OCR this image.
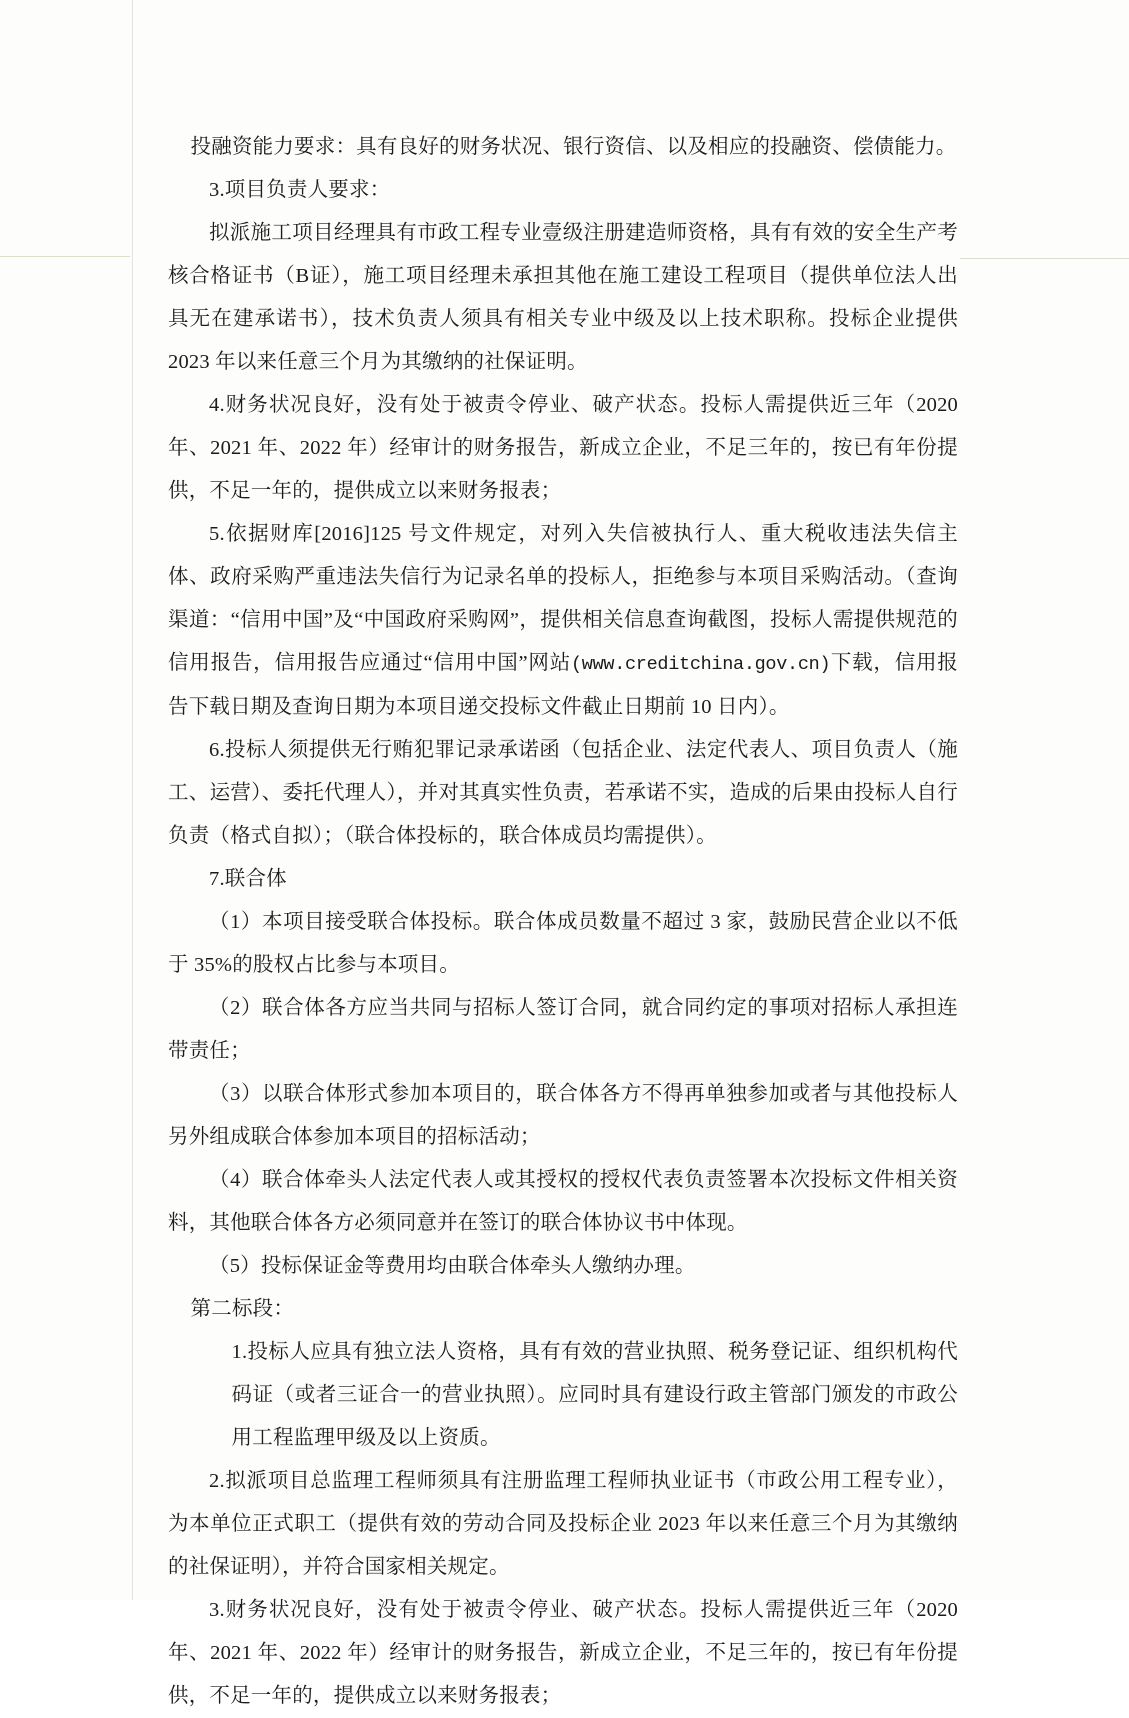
投融资能力要求：具有良好的财务状况、银行资信、以及相应的投融资、偿债能力。

3.项目负责人要求：

拟派施工项目经理具有市政工程专业壹级注册建造师资格，具有有效的安全生产考核合格证书（B证），施工项目经理未承担其他在施工建设工程项目（提供单位法人出具无在建承诺书），技术负责人须具有相关专业中级及以上技术职称。投标企业提供 2023 年以来任意三个月为其缴纳的社保证明。

4.财务状况良好，没有处于被责令停业、破产状态。投标人需提供近三年（2020 年、2021 年、2022 年）经审计的财务报告，新成立企业，不足三年的，按已有年份提供，不足一年的，提供成立以来财务报表；

5.依据财库[2016]125 号文件规定，对列入失信被执行人、重大税收违法失信主体、政府采购严重违法失信行为记录名单的投标人，拒绝参与本项目采购活动。（查询渠道：“信用中国”及“中国政府采购网”，提供相关信息查询截图，投标人需提供规范的信用报告，信用报告应通过“信用中国”网站(www.creditchina.gov.cn)下载，信用报告下载日期及查询日期为本项目递交投标文件截止日期前 10 日内）。

6.投标人须提供无行贿犯罪记录承诺函（包括企业、法定代表人、项目负责人（施工、运营）、委托代理人），并对其真实性负责，若承诺不实，造成的后果由投标人自行负责（格式自拟）；（联合体投标的，联合体成员均需提供）。

7.联合体

（1）本项目接受联合体投标。联合体成员数量不超过 3 家，鼓励民营企业以不低于 35%的股权占比参与本项目。

（2）联合体各方应当共同与招标人签订合同，就合同约定的事项对招标人承担连带责任；

（3）以联合体形式参加本项目的，联合体各方不得再单独参加或者与其他投标人另外组成联合体参加本项目的招标活动；

（4）联合体牵头人法定代表人或其授权的授权代表负责签署本次投标文件相关资料，其他联合体各方必须同意并在签订的联合体协议书中体现。

（5）投标保证金等费用均由联合体牵头人缴纳办理。

第二标段：

1.投标人应具有独立法人资格，具有有效的营业执照、税务登记证、组织机构代码证（或者三证合一的营业执照）。应同时具有建设行政主管部门颁发的市政公用工程监理甲级及以上资质。

2.拟派项目总监理工程师须具有注册监理工程师执业证书（市政公用工程专业），为本单位正式职工（提供有效的劳动合同及投标企业 2023 年以来任意三个月为其缴纳的社保证明），并符合国家相关规定。

3.财务状况良好，没有处于被责令停业、破产状态。投标人需提供近三年（2020 年、2021 年、2022 年）经审计的财务报告，新成立企业，不足三年的，按已有年份提供，不足一年的，提供成立以来财务报表；
